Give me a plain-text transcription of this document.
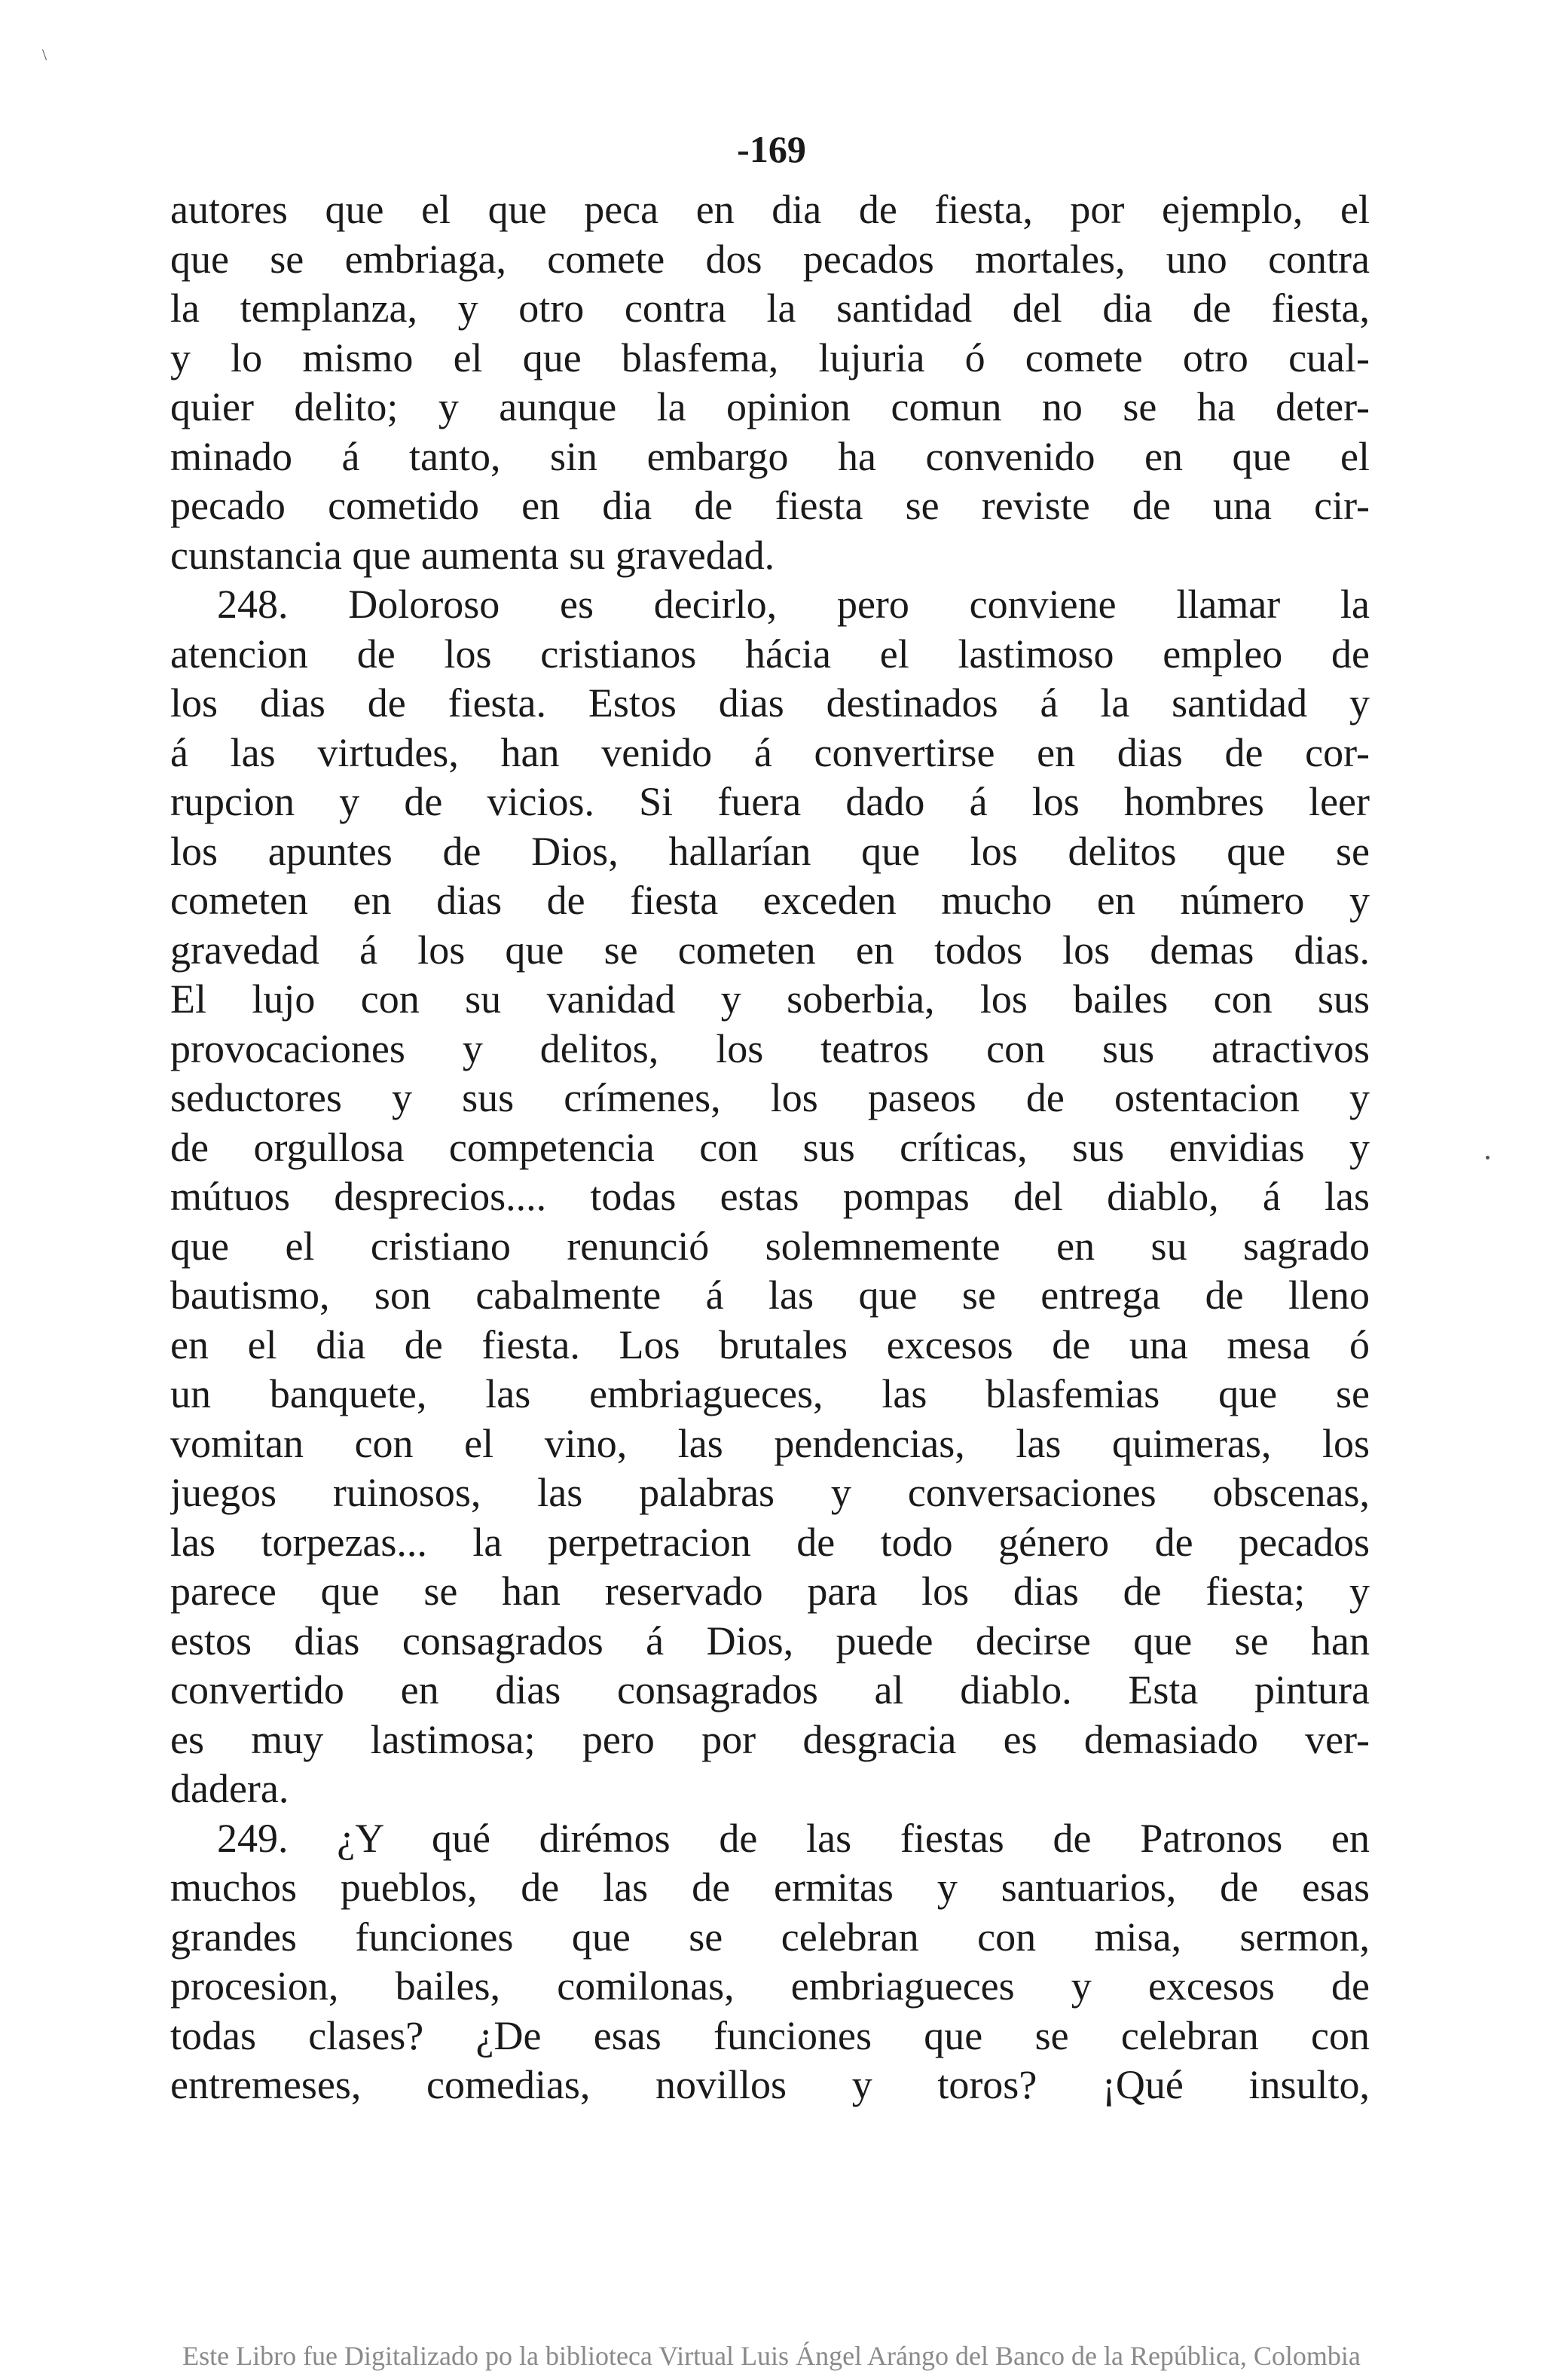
\
-169
autores que el que peca en dia de fiesta, por ejemplo, el
que se embriaga, comete dos pecados mortales, uno contra
la templanza, y otro contra la santidad del dia de fiesta,
y lo mismo el que blasfema, lujuria ó comete otro cual-
quier delito; y aunque la opinion comun no se ha deter-
minado á tanto, sin embargo ha convenido en que el
pecado cometido en dia de fiesta se reviste de una cir-
cunstancia que aumenta su gravedad.
248. Doloroso es decirlo, pero conviene llamar la
atencion de los cristianos hácia el lastimoso empleo de
los dias de fiesta. Estos dias destinados á la santidad y
á las virtudes, han venido á convertirse en dias de cor-
rupcion y de vicios. Si fuera dado á los hombres leer
los apuntes de Dios, hallarían que los delitos que se
cometen en dias de fiesta exceden mucho en número y
gravedad á los que se cometen en todos los demas dias.
El lujo con su vanidad y soberbia, los bailes con sus
provocaciones y delitos, los teatros con sus atractivos
seductores y sus crímenes, los paseos de ostentacion y
de orgullosa competencia con sus críticas, sus envidias y
mútuos desprecios.... todas estas pompas del diablo, á las
que el cristiano renunció solemnemente en su sagrado
bautismo, son cabalmente á las que se entrega de lleno
en el dia de fiesta. Los brutales excesos de una mesa ó
un banquete, las embriagueces, las blasfemias que se
vomitan con el vino, las pendencias, las quimeras, los
juegos ruinosos, las palabras y conversaciones obscenas,
las torpezas... la perpetracion de todo género de pecados
parece que se han reservado para los dias de fiesta; y
estos dias consagrados á Dios, puede decirse que se han
convertido en dias consagrados al diablo. Esta pintura
es muy lastimosa; pero por desgracia es demasiado ver-
dadera.
249. ¿Y qué dirémos de las fiestas de Patronos en
muchos pueblos, de las de ermitas y santuarios, de esas
grandes funciones que se celebran con misa, sermon,
procesion, bailes, comilonas, embriagueces y excesos de
todas clases? ¿De esas funciones que se celebran con
entremeses, comedias, novillos y toros? ¡Qué insulto,
Este Libro fue Digitalizado po la biblioteca Virtual Luis Ángel Arángo del Banco de la República, Colombia
